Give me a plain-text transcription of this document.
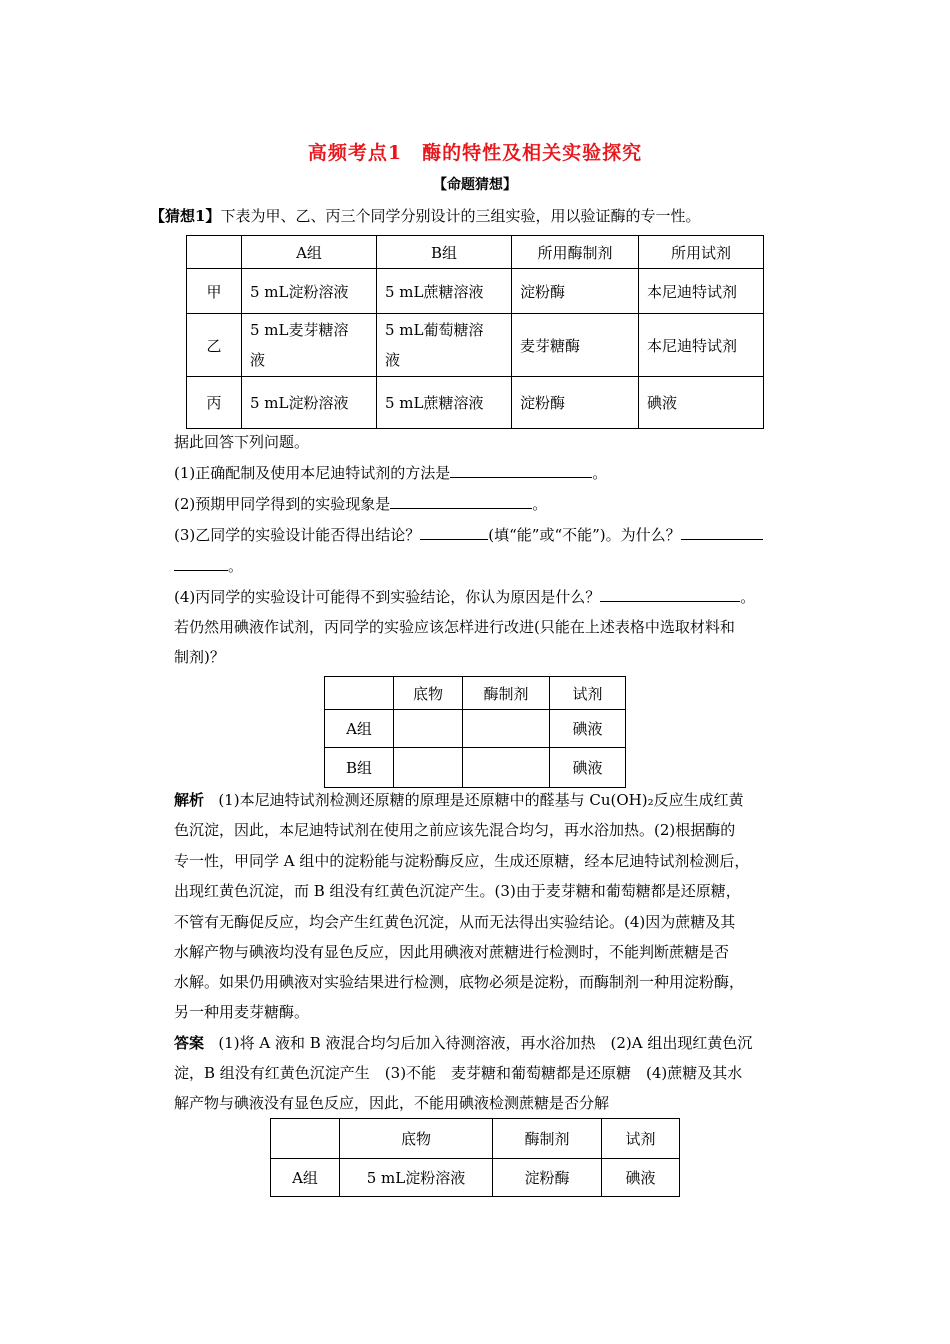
高频考点1　酶的特性及相关实验探究
【命题猜想】
【猜想1】下表为甲、乙、丙三个同学分别设计的三组实验，用以验证酶的专一性。
	A组	B组	所用酶制剂	所用试剂
甲	5 mL淀粉溶液	5 mL蔗糖溶液	淀粉酶	本尼迪特试剂
乙	5 mL麦芽糖溶
液	5 mL葡萄糖溶
液	麦芽糖酶	本尼迪特试剂
丙	5 mL淀粉溶液	5 mL蔗糖溶液	淀粉酶	碘液
据此回答下列问题。
(1)正确配制及使用本尼迪特试剂的方法是	。
(2)预期甲同学得到的实验现象是	。
(3)乙同学的实验设计能否得出结论？	(填“能”或“不能”)。为什么？
。
(4)丙同学的实验设计可能得不到实验结论，你认为原因是什么？	。
若仍然用碘液作试剂，丙同学的实验应该怎样进行改进(只能在上述表格中选取材料和
制剂)？
	底物	酶制剂	试剂
A组			碘液
B组			碘液
解析 (1)本尼迪特试剂检测还原糖的原理是还原糖中的醛基与 Cu(OH)₂反应生成红黄
色沉淀，因此，本尼迪特试剂在使用之前应该先混合均匀，再水浴加热。(2)根据酶的
专一性，甲同学 A 组中的淀粉能与淀粉酶反应，生成还原糖，经本尼迪特试剂检测后，
出现红黄色沉淀，而 B 组没有红黄色沉淀产生。(3)由于麦芽糖和葡萄糖都是还原糖，
不管有无酶促反应，均会产生红黄色沉淀，从而无法得出实验结论。(4)因为蔗糖及其
水解产物与碘液均没有显色反应，因此用碘液对蔗糖进行检测时，不能判断蔗糖是否
水解。如果仍用碘液对实验结果进行检测，底物必须是淀粉，而酶制剂一种用淀粉酶，
另一种用麦芽糖酶。
答案 (1)将 A 液和 B 液混合均匀后加入待测溶液，再水浴加热　(2)A 组出现红黄色沉
淀，B 组没有红黄色沉淀产生　(3)不能　麦芽糖和葡萄糖都是还原糖　(4)蔗糖及其水
解产物与碘液没有显色反应，因此，不能用碘液检测蔗糖是否分解
	底物	酶制剂	试剂
A组	5 mL淀粉溶液	淀粉酶	碘液
